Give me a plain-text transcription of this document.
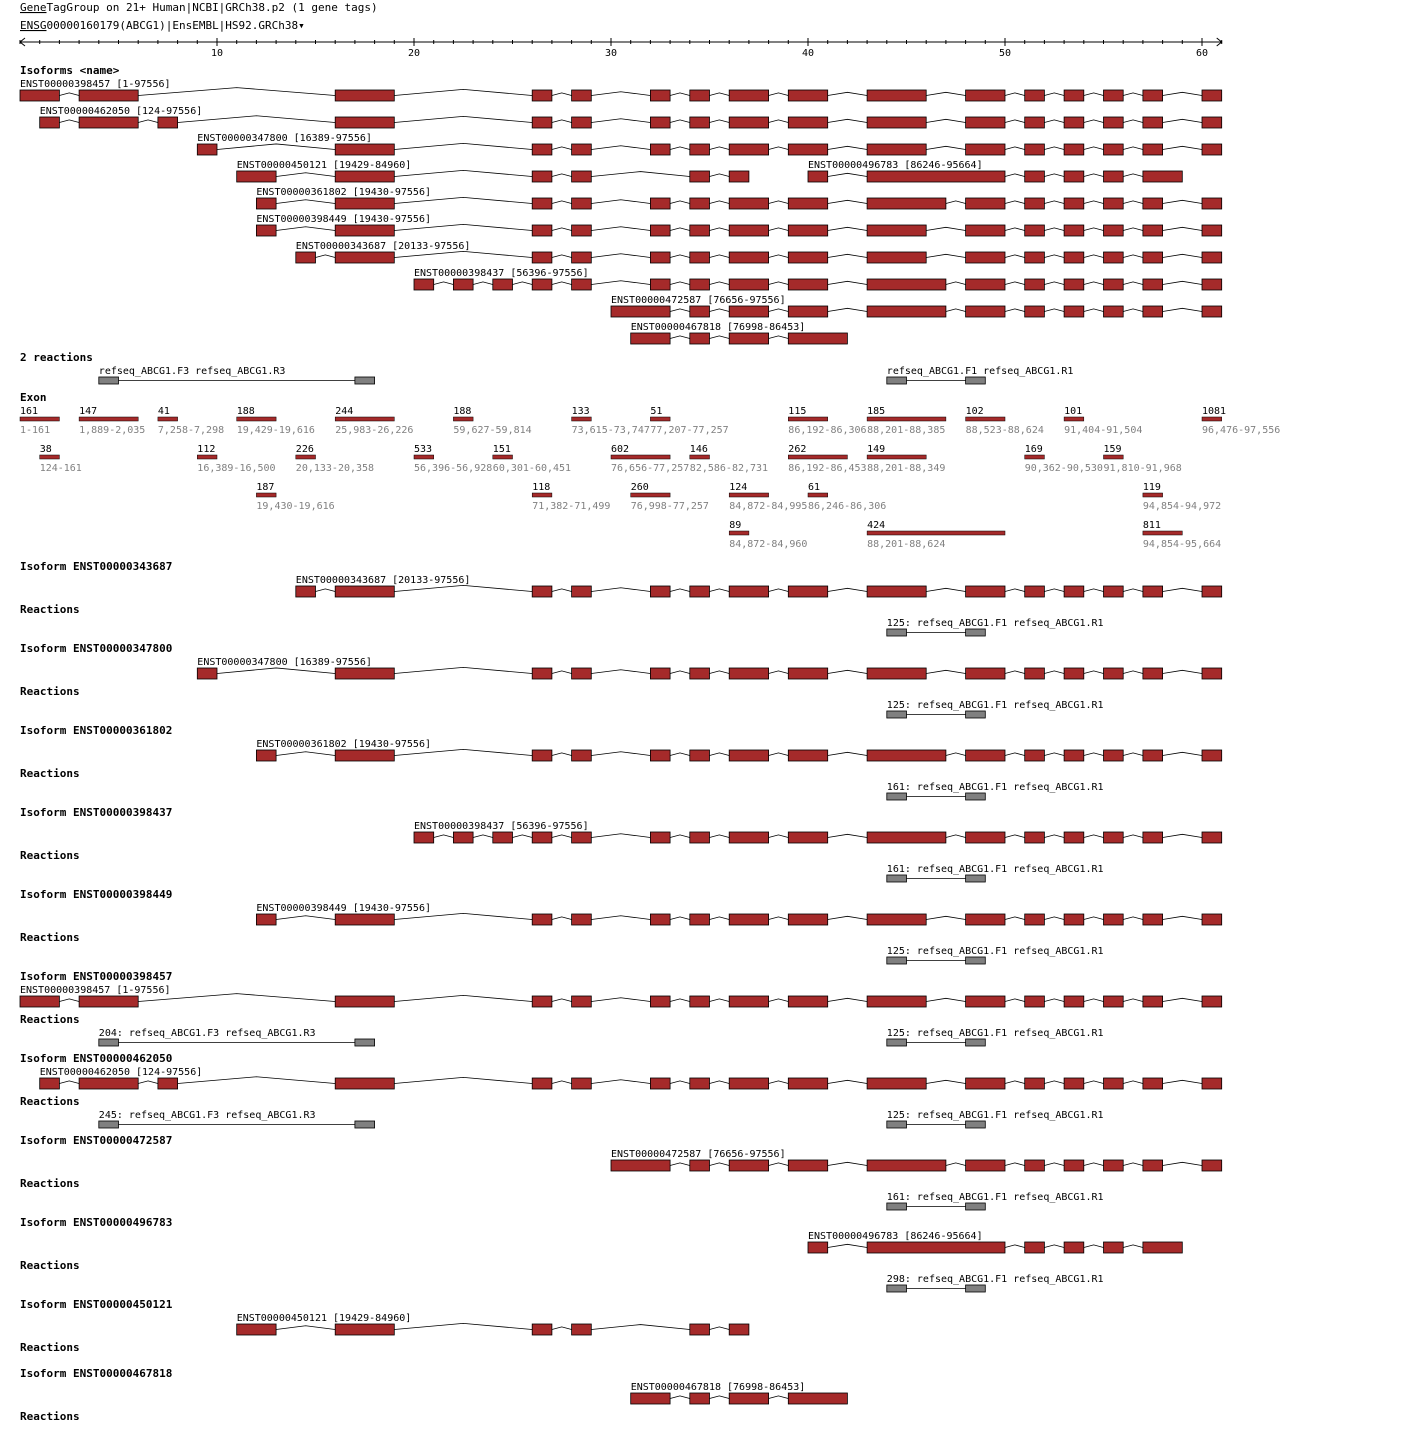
GeneTagGroup on 21+ Human|NCBI|GRCh38.p2 (1 gene tags)
ENSG00000160179(ABCG1)|EnsEMBL|HS92.GRCh38▾
10	20	30	40	50	60
Isoforms <name>
2 reactions
Exon
ENST00000398457 [1-97556]
ENST00000462050 [124-97556]
ENST00000347800 [16389-97556]
ENST00000450121 [19429-84960]	ENST00000496783 [86246-95664]
ENST00000361802 [19430-97556]
ENST00000398449 [19430-97556]
ENST00000343687 [20133-97556]
ENST00000398437 [56396-97556]
ENST00000472587 [76656-97556]
ENST00000467818 [76998-86453]
refseq_ABCG1.F3 refseq_ABCG1.R3	refseq_ABCG1.F1 refseq_ABCG1.R1
161
1-161
147
1,889-2,035
41
7,258-7,298
188
19,429-19,616
244
25,983-26,226
188
59,627-59,814
133
73,615-73,747
51
77,207-77,257
115
86,192-86,306
185
88,201-88,385
102
88,523-88,624
101
91,404-91,504
1081
96,476-97,556
38
124-161
112
16,389-16,500
226
20,133-20,358
533
56,396-56,928
151
60,301-60,451
602
76,656-77,257
146
82,586-82,731
262
86,192-86,453
149
88,201-88,349
169
90,362-90,530
159
91,810-91,968
187
19,430-19,616
118
71,382-71,499
260
76,998-77,257
124
84,872-84,995
61
86,246-86,306
119
94,854-94,972
89
84,872-84,960
424
88,201-88,624
811
94,854-95,664
Isoform ENST00000343687
ENST00000343687 [20133-97556]
Reactions
125: refseq_ABCG1.F1 refseq_ABCG1.R1
Isoform ENST00000347800
ENST00000347800 [16389-97556]
Reactions
125: refseq_ABCG1.F1 refseq_ABCG1.R1
Isoform ENST00000361802
ENST00000361802 [19430-97556]
Reactions
161: refseq_ABCG1.F1 refseq_ABCG1.R1
Isoform ENST00000398437
ENST00000398437 [56396-97556]
Reactions
161: refseq_ABCG1.F1 refseq_ABCG1.R1
Isoform ENST00000398449
ENST00000398449 [19430-97556]
Reactions
125: refseq_ABCG1.F1 refseq_ABCG1.R1
Isoform ENST00000398457
ENST00000398457 [1-97556]
Reactions
204: refseq_ABCG1.F3 refseq_ABCG1.R3	125: refseq_ABCG1.F1 refseq_ABCG1.R1
Isoform ENST00000462050
ENST00000462050 [124-97556]
Reactions
245: refseq_ABCG1.F3 refseq_ABCG1.R3	125: refseq_ABCG1.F1 refseq_ABCG1.R1
Isoform ENST00000472587
ENST00000472587 [76656-97556]
Reactions
161: refseq_ABCG1.F1 refseq_ABCG1.R1
Isoform ENST00000496783
ENST00000496783 [86246-95664]
Reactions
298: refseq_ABCG1.F1 refseq_ABCG1.R1
Isoform ENST00000450121
ENST00000450121 [19429-84960]
Reactions
Isoform ENST00000467818
ENST00000467818 [76998-86453]
Reactions
